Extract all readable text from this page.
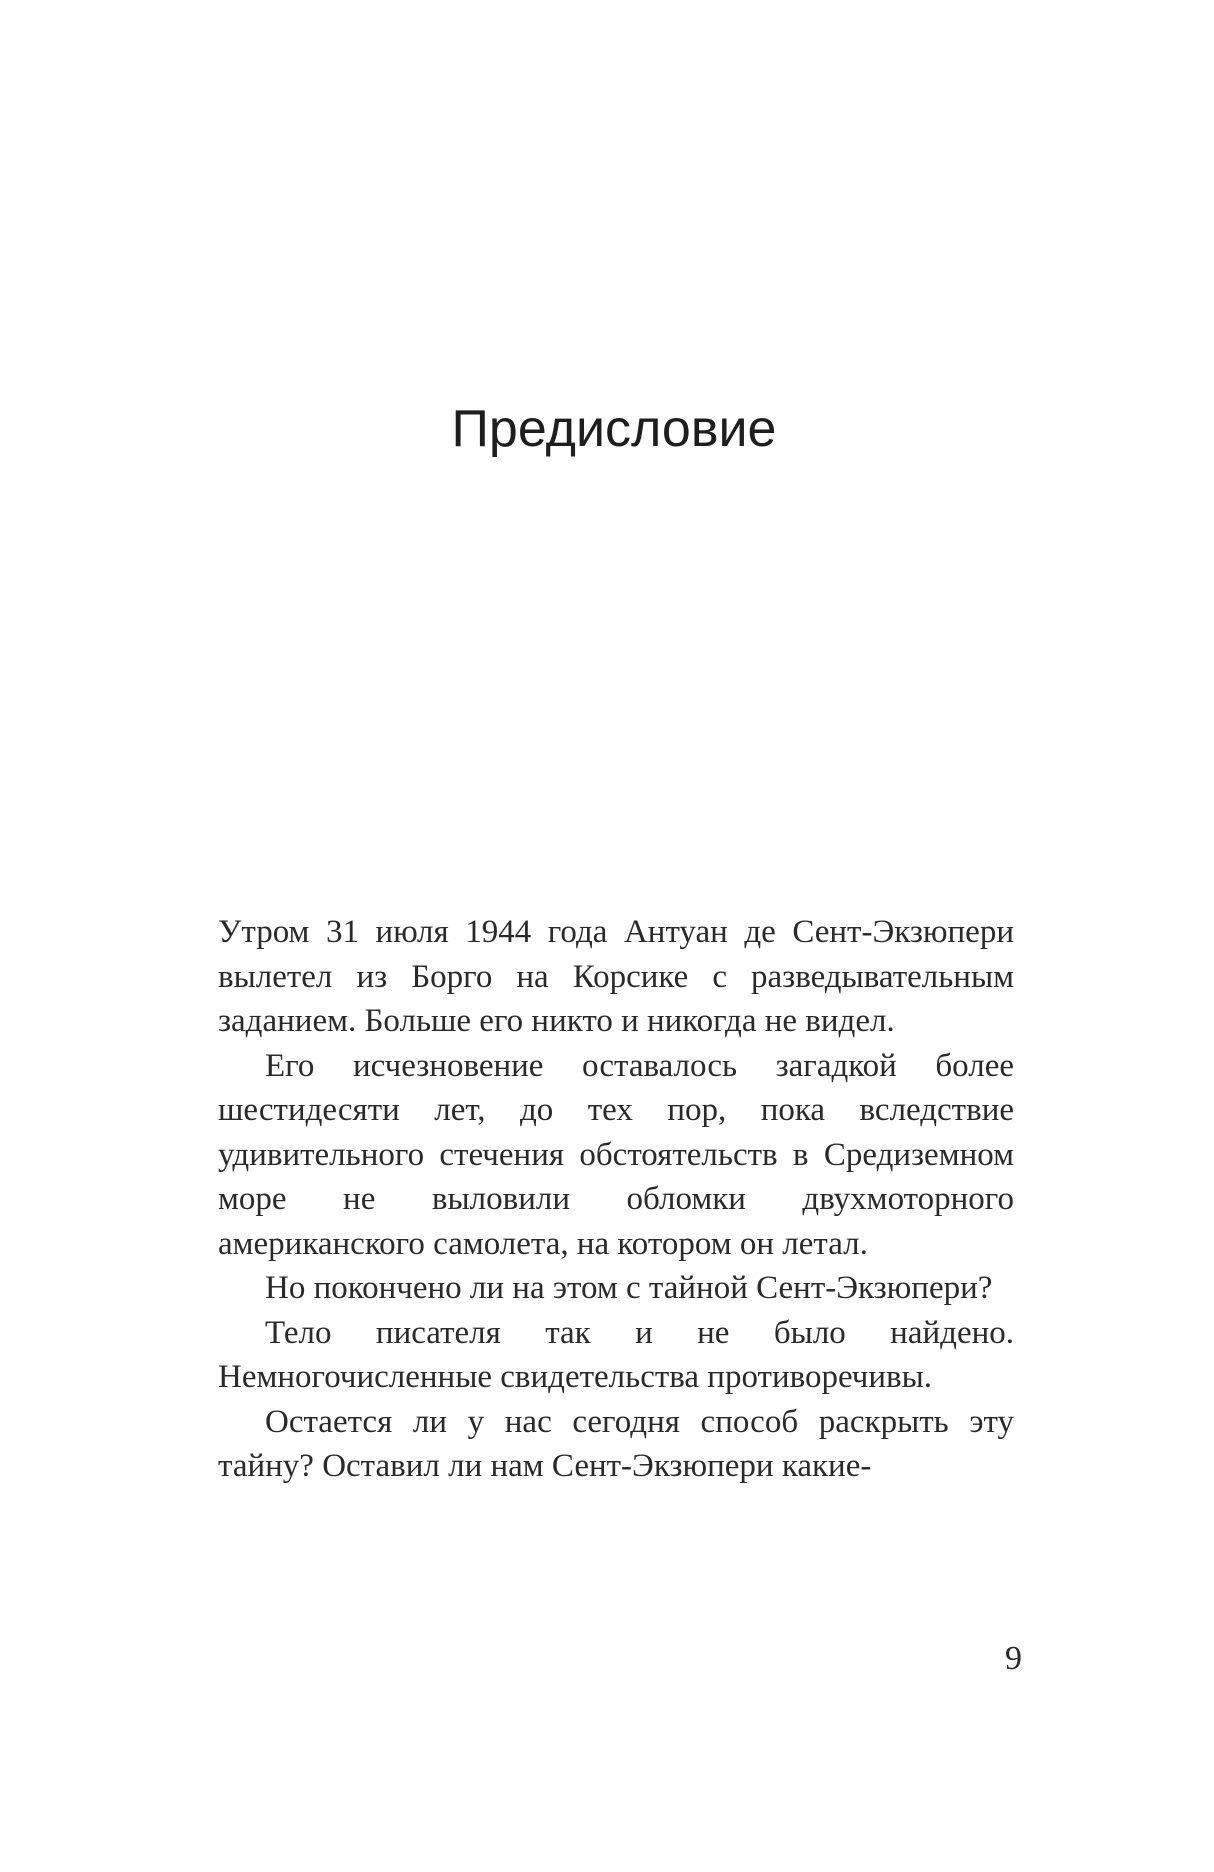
Предисловие

Утром 31 июля 1944 года Антуан де Сент-Экзюпери вылетел из Борго на Корсике с разведывательным заданием. Больше его никто и никогда не видел.

Его исчезновение оставалось загадкой более шестидесяти лет, до тех пор, пока вследствие удивительного стечения обстоятельств в Средиземном море не выловили обломки двухмоторного американского самолета, на котором он летал.

Но покончено ли на этом с тайной Сент-Экзюпери?

Тело писателя так и не было найдено. Немногочисленные свидетельства противоречивы.

Остается ли у нас сегодня способ раскрыть эту тайну? Оставил ли нам Сент-Экзюпери какие-

9
